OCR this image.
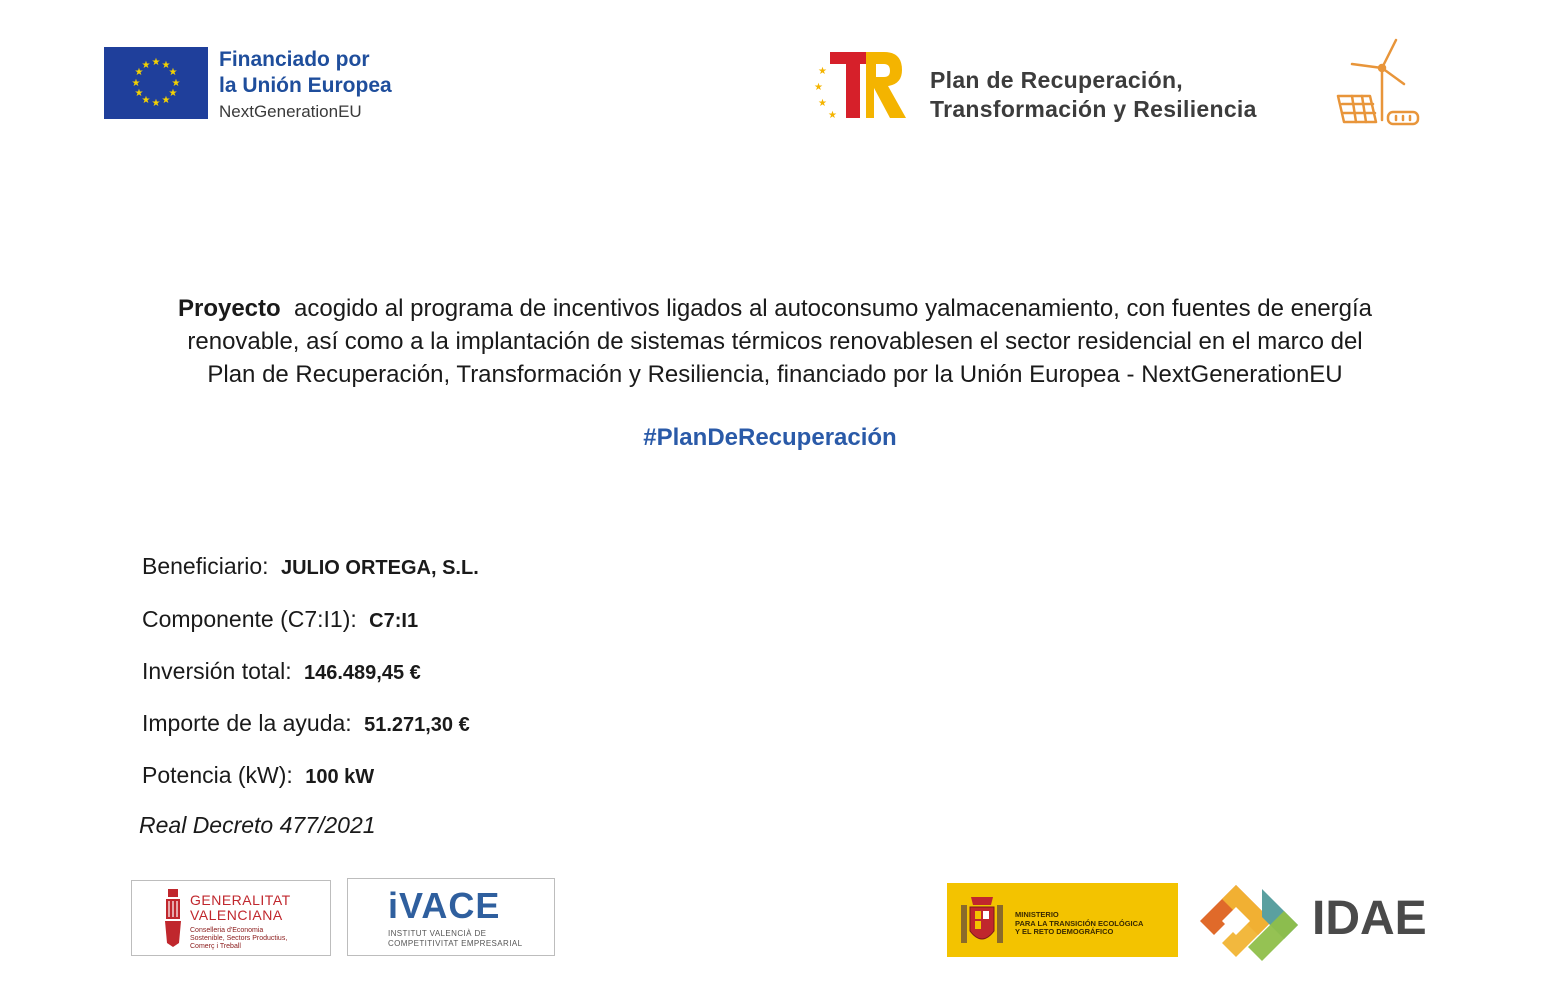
★ ★
★
★
★
★
★
★
★
★
★
★	Financiado por
la Unión Europea
NextGenerationEU
★
★
★
★
Plan de Recuperación,
Transformación y Resiliencia
Proyecto acogido al programa de incentivos ligados al autoconsumo yalmacenamiento, con fuentes de energía
renovable, así como a la implantación de sistemas térmicos renovablesen el sector residencial en el marco del
Plan de Recuperación, Transformación y Resiliencia, financiado por la Unión Europea - NextGenerationEU
#PlanDeRecuperación
Beneficiario: JULIO ORTEGA, S.L.
Componente (C7:I1): C7:I1
Inversión total: 146.489,45 €
Importe de la ayuda: 51.271,30 €
Potencia (kW): 100 kW
Real Decreto 477/2021
GENERALITAT
VALENCIANA
Conselleria d'Economia
Sostenible, Sectors Productius,
Comerç i Treball
iVACE
INSTITUT VALENCIÀ DE
COMPETITIVITAT EMPRESARIAL
MINISTERIO
PARA LA TRANSICIÓN ECOLÓGICA
Y EL RETO DEMOGRÁFICO	IDAE
